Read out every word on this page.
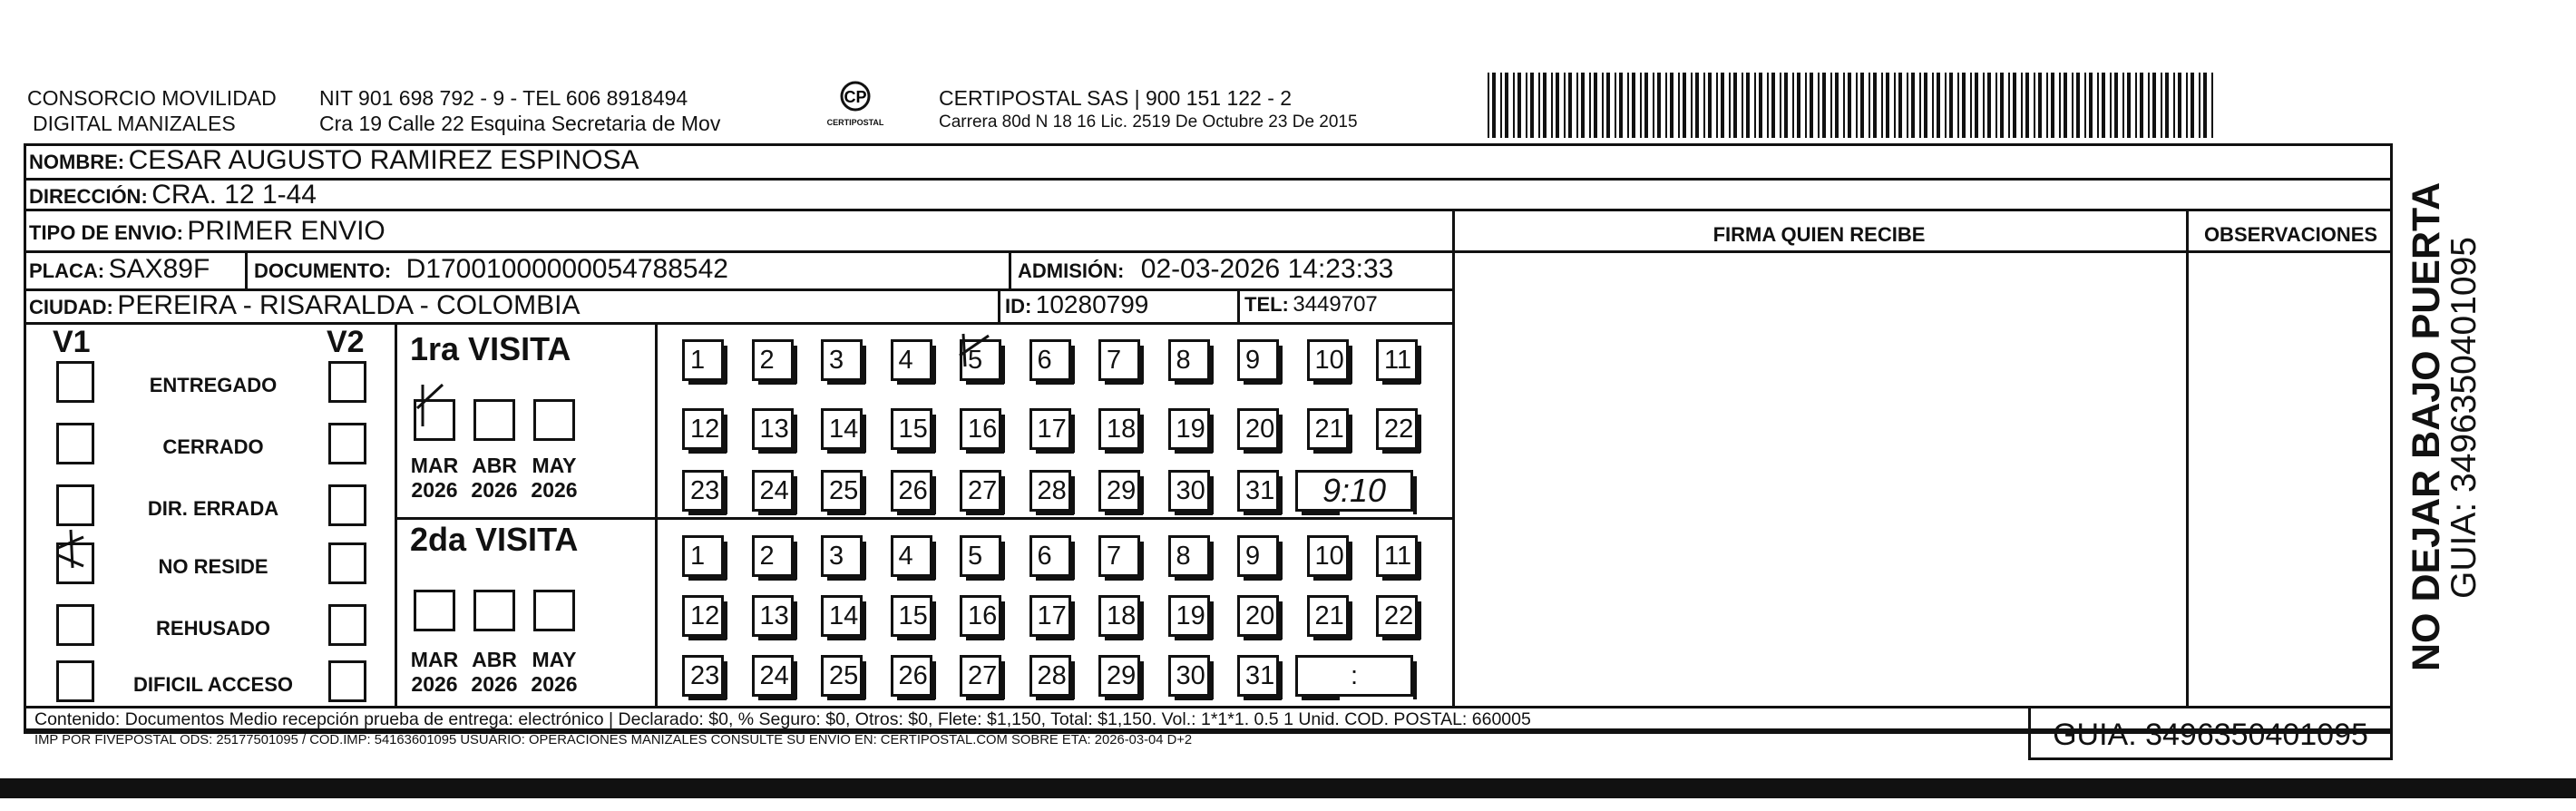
CONSORCIO MOVILIDAD
DIGITAL MANIZALES
NIT 901 698 792 - 9 - TEL 606 8918494
Cra 19 Calle 22 Esquina Secretaria de Mov
CP
CERTIPOSTAL
CERTIPOSTAL SAS | 900 151 122 - 2
Carrera 80d N 18 16 Lic. 2519 De Octubre 23 De 2015
NOMBRE: CESAR AUGUSTO RAMIREZ ESPINOSA
DIRECCIÓN: CRA. 12 1-44
TIPO DE ENVIO: PRIMER ENVIO
PLACA: SAX89F DOCUMENTO: D17001000000054788542	ADMISIÓN: 02-03-2026 14:23:33
CIUDAD: PEREIRA - RISARALDA - COLOMBIA	ID: 10280799	TEL: 3449707
FIRMA QUIEN RECIBE	OBSERVACIONES
V1	V2
ENTREGADO
CERRADO
DIR. ERRADA
NO RESIDE
REHUSADO
DIFICIL ACCESO
1ra VISITA
2da VISITA
MAR
2026
ABR
2026
MAY
2026
MAR
2026
ABR
2026
MAY
2026
1	2	3	4	5	6	7	8	9	10	11
12	13	14	15	16	17	18	19	20	21	22
23	24	25	26	27	28	29	30	31	9:10
1	2	3	4	5	6	7	8	9	10	11
12	13	14	15	16	17	18	19	20	21	22
23	24	25	26	27	28	29	30	31	:
Contenido: Documentos Medio recepción prueba de entrega: electrónico | Declarado: $0, % Seguro: $0, Otros: $0, Flete: $1,150, Total: $1,150. Vol.: 1*1*1. 0.5 1 Unid. COD. POSTAL: 660005
IMP POR FIVEPOSTAL ODS: 25177501095 / COD.IMP: 54163601095 USUARIO: OPERACIONES MANIZALES CONSULTE SU ENVIO EN: CERTIPOSTAL.COM SOBRE ETA: 2026-03-04 D+2	GUIA: 3496350401095
NO DEJAR BAJO PUERTA
GUIA: 3496350401095
